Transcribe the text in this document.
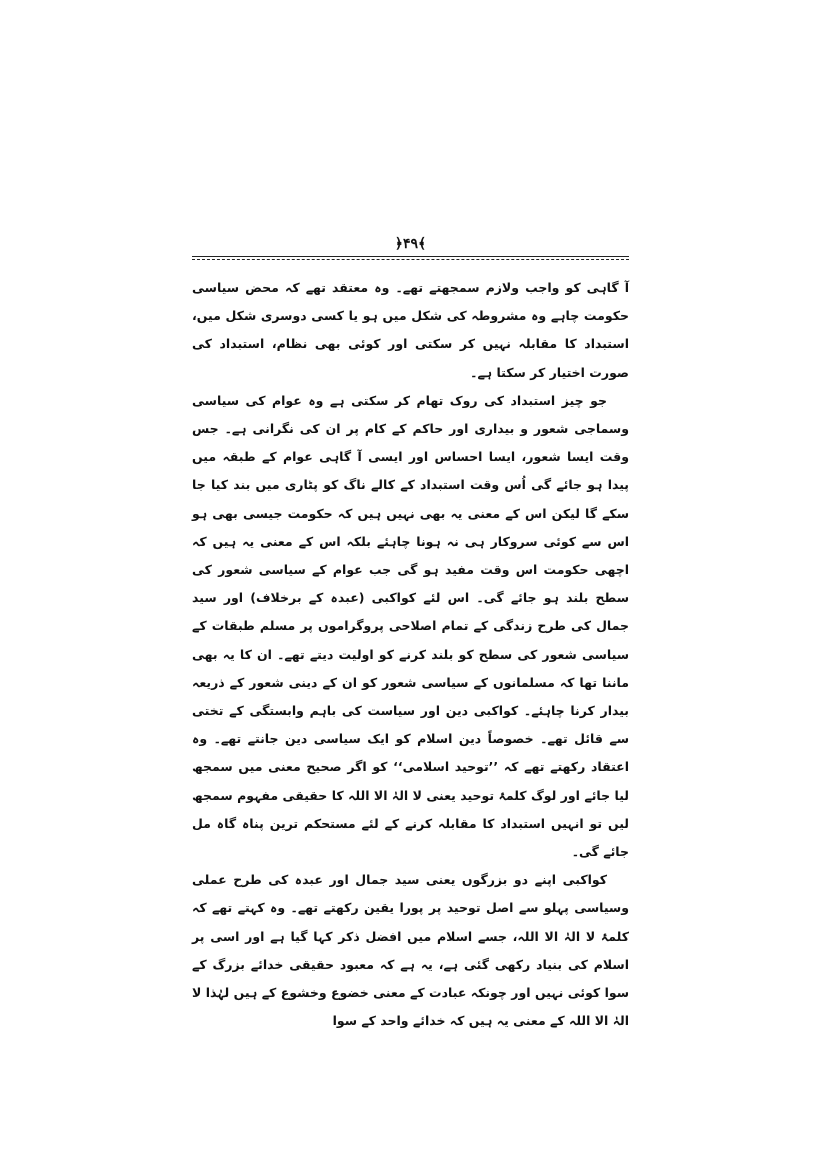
﴿۴۹﴾

آ گاہی کو واجب ولازم سمجھتے تھے۔ وہ معتقد تھے کہ محض سیاسی حکومت چاہے وہ مشروطہ کی شکل میں ہو یا کسی دوسری شکل میں، استبداد کا مقابلہ نہیں کر سکتی اور کوئی بھی نظام، استبداد کی صورت اختیار کر سکتا ہے۔

جو چیز استبداد کی روک تھام کر سکتی ہے وہ عوام کی سیاسی وسماجی شعور و بیداری اور حاکم کے کام پر ان کی نگرانی ہے۔ جس وقت ایسا شعور، ایسا احساس اور ایسی آ گاہی عوام کے طبقہ میں پیدا ہو جائے گی اُس وقت استبداد کے کالے ناگ کو پٹاری میں بند کیا جا سکے گا لیکن اس کے معنی یہ بھی نہیں ہیں کہ حکومت جیسی بھی ہو اس سے کوئی سروکار ہی نہ ہونا چاہئے بلکہ اس کے معنی یہ ہیں کہ اچھی حکومت اس وقت مفید ہو گی جب عوام کے سیاسی شعور کی سطح بلند ہو جائے گی۔ اس لئے کواکبی (عبدہ کے برخلاف) اور سید جمال کی طرح زندگی کے تمام اصلاحی پروگراموں پر مسلم طبقات کے سیاسی شعور کی سطح کو بلند کرنے کو اولیت دیتے تھے۔ ان کا یہ بھی ماننا تھا کہ مسلمانوں کے سیاسی شعور کو ان کے دینی شعور کے ذریعہ بیدار کرنا چاہئے۔ کواکبی دین اور سیاست کی باہم وابستگی کے تختی سے قائل تھے۔ خصوصاً دین اسلام کو ایک سیاسی دین جانتے تھے۔ وہ اعتقاد رکھتے تھے کہ ’’توحید اسلامی‘‘ کو اگر صحیح معنی میں سمجھ لیا جائے اور لوگ کلمۂ توحید یعنی لا الہٰ الا اللہ کا حقیقی مفہوم سمجھ لیں تو انہیں استبداد کا مقابلہ کرنے کے لئے مستحکم ترین پناہ گاہ مل جائے گی۔

کواکبی اپنے دو بزرگوں یعنی سید جمال اور عبدہ کی طرح عملی وسیاسی پہلو سے اصل توحید پر پورا یقین رکھتے تھے۔ وہ کہتے تھے کہ کلمۂ لا الہٰ الا اللہ، جسے اسلام میں افضل ذکر کہا گیا ہے اور اسی پر اسلام کی بنیاد رکھی گئی ہے، یہ ہے کہ معبود حقیقی خدائے بزرگ کے سوا کوئی نہیں اور چونکہ عبادت کے معنی خضوع وخشوع کے ہیں لہٰذا لا الہٰ الا اللہ کے معنی یہ ہیں کہ خدائے واحد کے سوا
